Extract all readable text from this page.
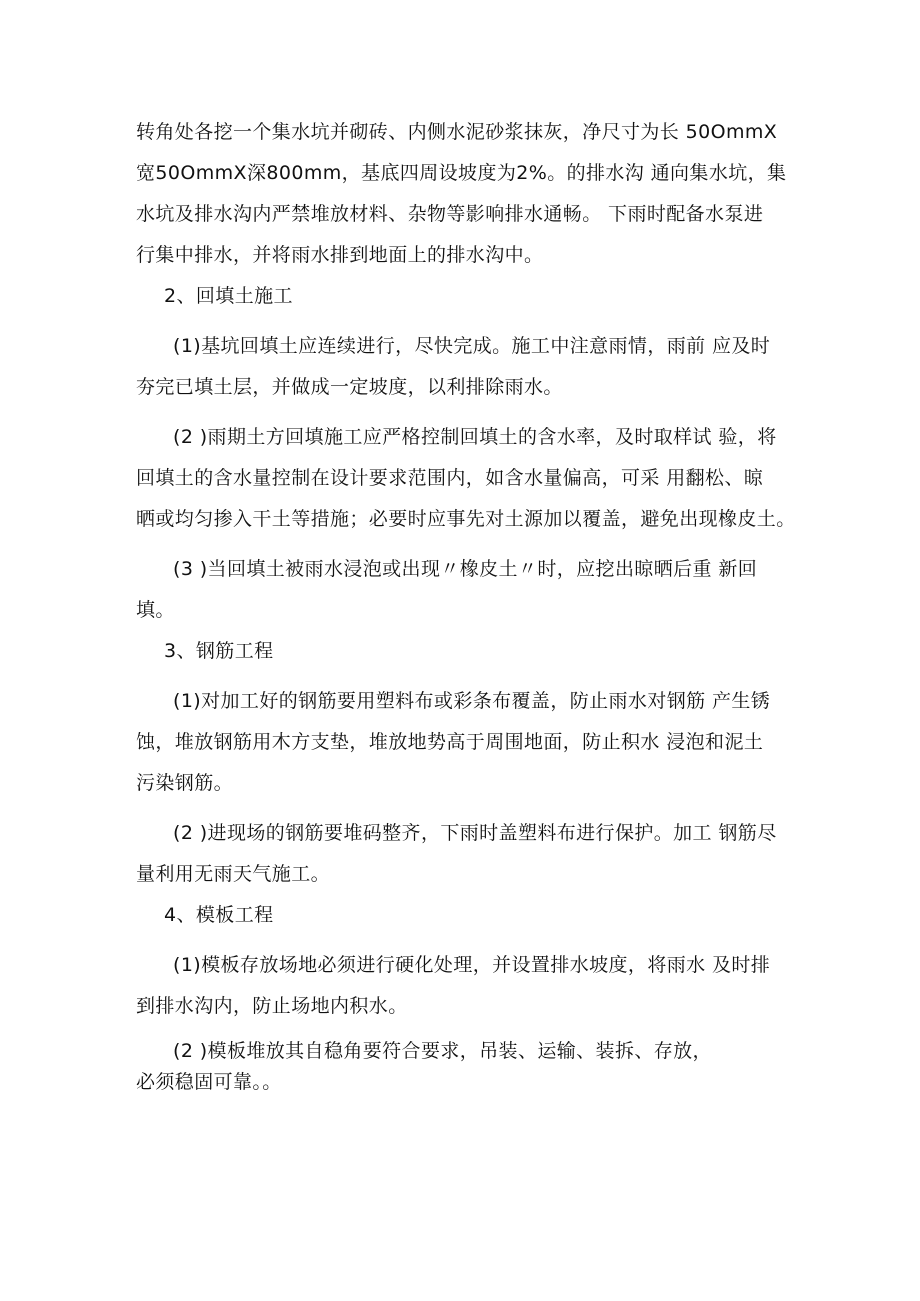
转角处各挖一个集水坑并砌砖、内侧水泥砂浆抹灰，净尺寸为长 50OmmX
宽50OmmX深800mm，基底四周设坡度为2%。的排水沟 通向集水坑，集
水坑及排水沟内严禁堆放材料、杂物等影响排水通畅。 下雨时配备水泵进
行集中排水，并将雨水排到地面上的排水沟中。

2、回填土施工

(1)基坑回填土应连续进行，尽快完成。施工中注意雨情，雨前 应及时
夯完已填土层，并做成一定坡度，以利排除雨水。

(2 )雨期土方回填施工应严格控制回填土的含水率，及时取样试 验，将
回填土的含水量控制在设计要求范围内，如含水量偏高，可采 用翻松、晾
晒或均匀掺入干土等措施；必要时应事先对土源加以覆盖，避免出现橡皮土。

(3 )当回填土被雨水浸泡或出现〃橡皮土〃时，应挖出晾晒后重 新回
填。

3、钢筋工程

(1)对加工好的钢筋要用塑料布或彩条布覆盖，防止雨水对钢筋 产生锈
蚀，堆放钢筋用木方支垫，堆放地势高于周围地面，防止积水 浸泡和泥土
污染钢筋。

(2 )进现场的钢筋要堆码整齐，下雨时盖塑料布进行保护。加工 钢筋尽
量利用无雨天气施工。

4、模板工程

(1)模板存放场地必须进行硬化处理，并设置排水坡度，将雨水 及时排
到排水沟内，防止场地内积水。

(2 )模板堆放其自稳角要符合要求，吊装、运输、装拆、存放，
必须稳固可靠。。
